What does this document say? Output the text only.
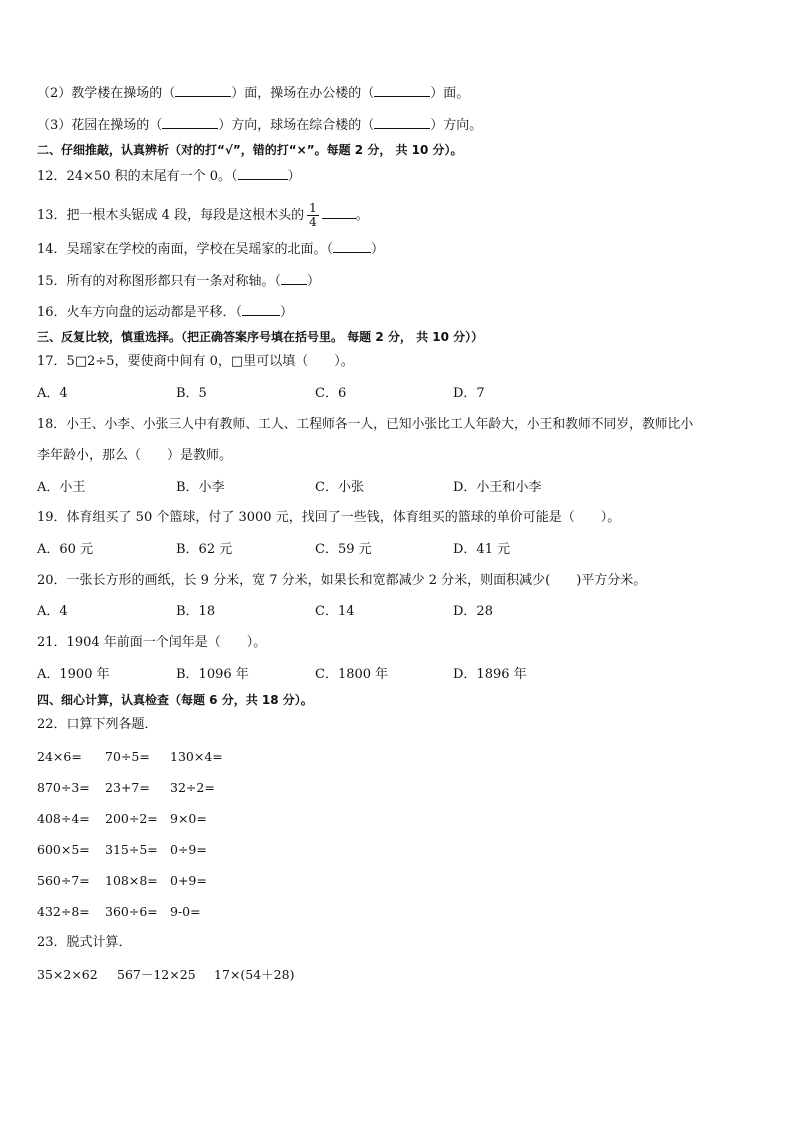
（2）教学楼在操场的（	）面，操场在办公楼的（	）面。
（3）花园在操场的（	）方向，球场在综合楼的（	）方向。
二、仔细推敲，认真辨析（对的打“√”，错的打“×”。每题 2 分， 共 10 分）。
12．24×50 积的末尾有一个 0。（	）
13．把一根木头锯成 4 段，每段是这根木头的 $\frac{1}{4}$	。
14．吴瑶家在学校的南面，学校在吴瑶家的北面。（	）
15．所有的对称图形都只有一条对称轴。（ ）
16．火车方向盘的运动都是平移．（	）
三、反复比较，慎重选择。（把正确答案序号填在括号里。 每题 2 分， 共 10 分））
17．5□2÷5，要使商中间有 0，□里可以填（　　）。
A．4	B．5	C．6	D．7
18．小王、小李、小张三人中有教师、工人、工程师各一人，已知小张比工人年龄大，小王和教师不同岁，教师比小
李年龄小，那么（　　）是教师。
A．小王	B．小李	C．小张	D．小王和小李
19．体育组买了 50 个篮球，付了 3000 元，找回了一些钱，体育组买的篮球的单价可能是（　　）。
A．60 元	B．62 元	C．59 元	D．41 元
20．一张长方形的画纸，长 9 分米，宽 7 分米，如果长和宽都减少 2 分米，则面积减少(　　)平方分米。
A．4	B．18	C．14	D．28
21．1904 年前面一个闰年是（　　）。
A．1900 年	B．1096 年	C．1800 年	D．1896 年
四、细心计算，认真检查（每题 6 分，共 18 分）。
22．口算下列各题．
24×6= 70÷5= 130×4=
870÷3= 23+7= 32÷2=
408÷4= 200÷2= 9×0=
600×5= 315÷5= 0÷9=
560÷7= 108×8= 0+9=
432÷8= 360÷6= 9-0=
23．脱式计算．
35×2×62 567－12×25 17×(54＋28)
